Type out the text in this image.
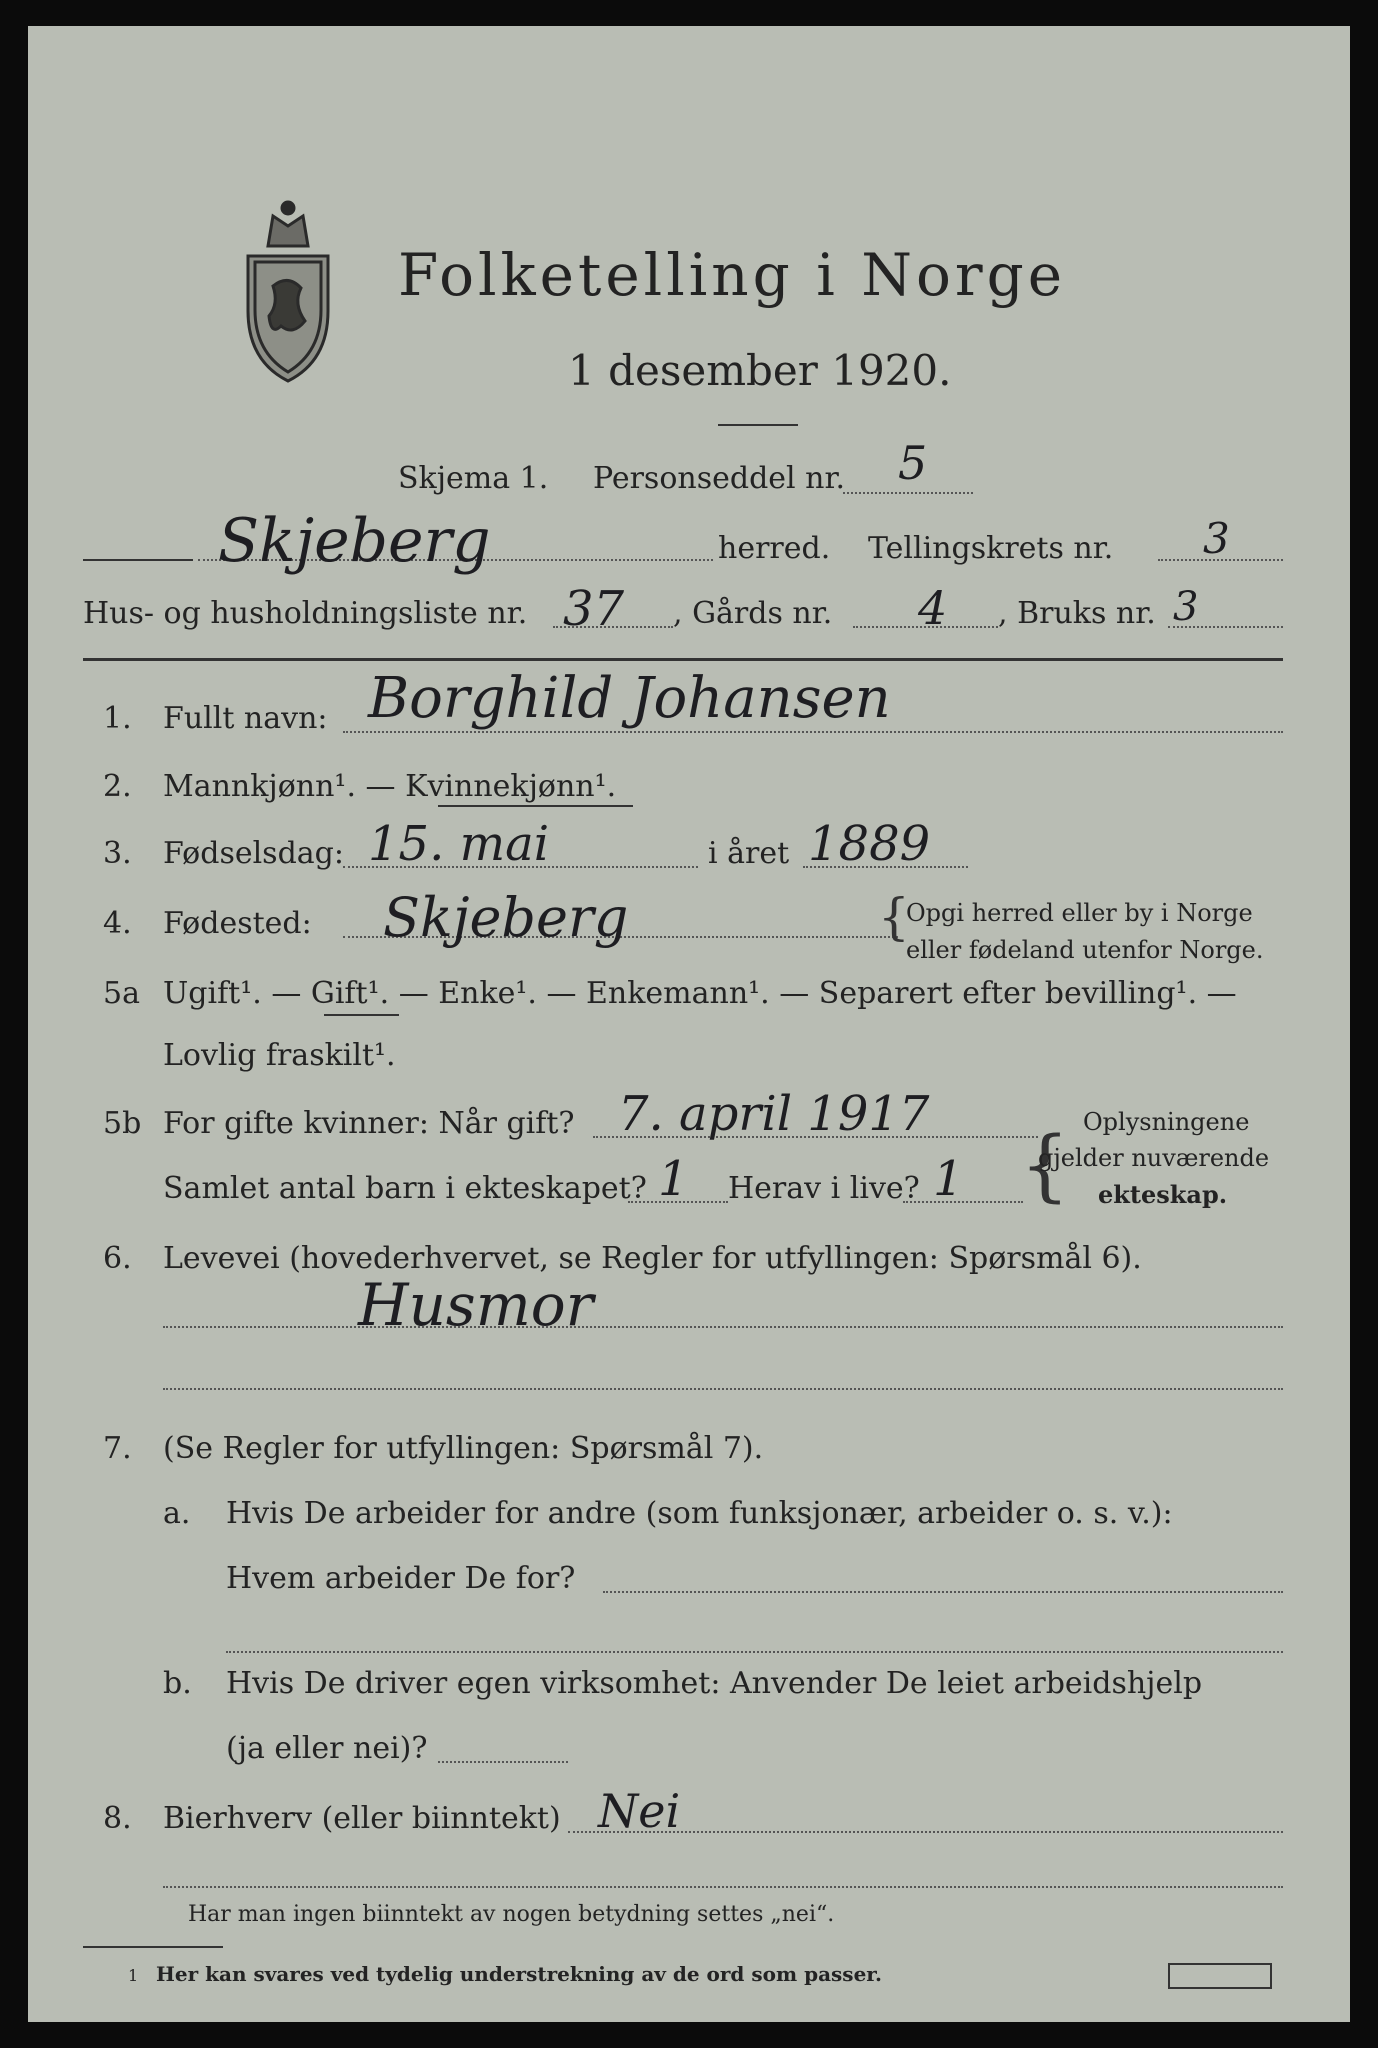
Folketelling i Norge
1 desember 1920.
Skjema 1. Personseddel nr. 5
Skjeberg	herred. Tellingskrets nr. 3
Hus- og husholdningsliste nr. 37 , Gårds nr. 4 , Bruks nr. 3
1. Fullt navn: Borghild Johansen
2. Mannkjønn¹. — Kvinnekjønn¹.
3. Fødselsdag: 15. mai	i året 1889
4. Fødested: Skjeberg	{
Opgi herred eller by i Norge
eller fødeland utenfor Norge.
5a Ugift¹. — Gift¹. — Enke¹. — Enkemann¹. — Separert efter bevilling¹. —
Lovlig fraskilt¹.
5b For gifte kvinner: Når gift? 7. april 1917
Samlet antal barn i ekteskapet? 1 Herav i live? 1 { Oplysningene
gjelder nuværende
ekteskap.
6. Levevei (hovederhvervet, se Regler for utfyllingen: Spørsmål 6).
Husmor
7. (Se Regler for utfyllingen: Spørsmål 7).
a. Hvis De arbeider for andre (som funksjonær, arbeider o. s. v.):
Hvem arbeider De for?
b. Hvis De driver egen virksomhet: Anvender De leiet arbeidshjelp
(ja eller nei)?
8. Bierhverv (eller biinntekt) Nei
Har man ingen biinntekt av nogen betydning settes „nei“.
1 Her kan svares ved tydelig understrekning av de ord som passer.
